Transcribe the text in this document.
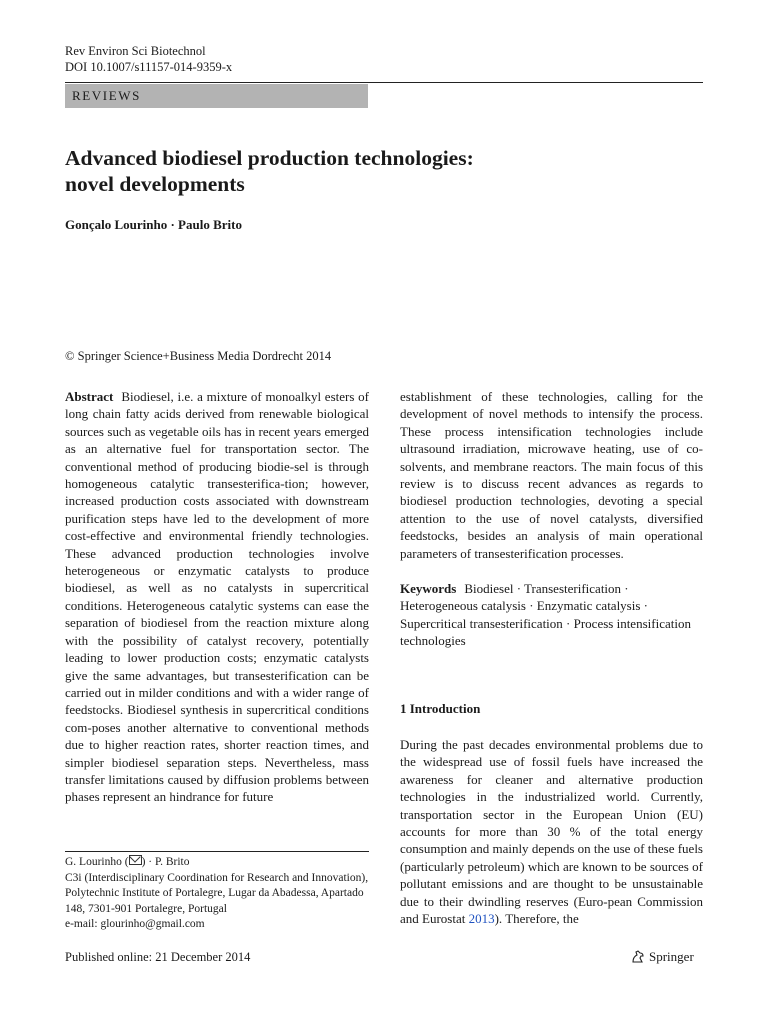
Rev Environ Sci Biotechnol
DOI 10.1007/s11157-014-9359-x
REVIEWS
Advanced biodiesel production technologies:
novel developments
Gonçalo Lourinho · Paulo Brito
© Springer Science+Business Media Dordrecht 2014
Abstract Biodiesel, i.e. a mixture of monoalkyl esters of long chain fatty acids derived from renewable biological sources such as vegetable oils has in recent years emerged as an alternative fuel for transportation sector. The conventional method of producing biodie-sel is through homogeneous catalytic transesterifica-tion; however, increased production costs associated with downstream purification steps have led to the development of more cost-effective and environmental friendly technologies. These advanced production technologies involve heterogeneous or enzymatic catalysts to produce biodiesel, as well as no catalysts in supercritical conditions. Heterogeneous catalytic systems can ease the separation of biodiesel from the reaction mixture along with the possibility of catalyst recovery, potentially leading to lower production costs; enzymatic catalysts give the same advantages, but transesterification can be carried out in milder conditions and with a wider range of feedstocks. Biodiesel synthesis in supercritical conditions com-poses another alternative to conventional methods due to higher reaction rates, shorter reaction times, and simpler biodiesel separation steps. Nevertheless, mass transfer limitations caused by diffusion problems between phases represent an hindrance for future
establishment of these technologies, calling for the development of novel methods to intensify the process. These process intensification technologies include ultrasound irradiation, microwave heating, use of co-solvents, and membrane reactors. The main focus of this review is to discuss recent advances as regards to biodiesel production technologies, devoting a special attention to the use of novel catalysts, diversified feedstocks, besides an analysis of main operational parameters of transesterification processes.
Keywords Biodiesel · Transesterification · Heterogeneous catalysis · Enzymatic catalysis · Supercritical transesterification · Process intensification technologies
1 Introduction
During the past decades environmental problems due to the widespread use of fossil fuels have increased the awareness for cleaner and alternative production technologies in the industrialized world. Currently, transportation sector in the European Union (EU) accounts for more than 30 % of the total energy consumption and mainly depends on the use of these fuels (particularly petroleum) which are known to be sources of pollutant emissions and are thought to be unsustainable due to their dwindling reserves (Euro-pean Commission and Eurostat 2013). Therefore, the
G. Lourinho ( ) · P. Brito
C3i (Interdisciplinary Coordination for Research and Innovation), Polytechnic Institute of Portalegre, Lugar da Abadessa, Apartado 148, 7301-901 Portalegre, Portugal
e-mail: glourinho@gmail.com
Published online: 21 December 2014	Springer
